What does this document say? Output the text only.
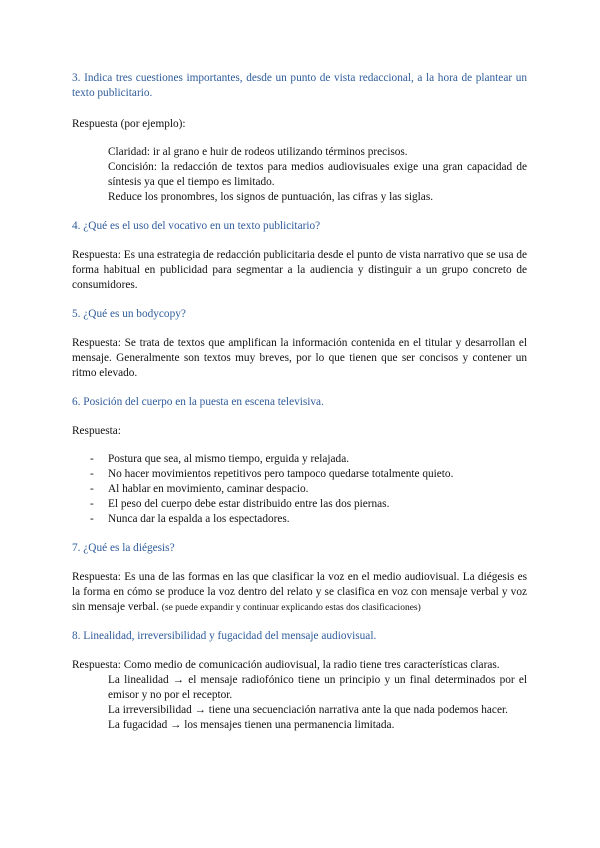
3. Indica tres cuestiones importantes, desde un punto de vista redaccional, a la hora de plantear un texto publicitario.
Respuesta (por ejemplo):
Claridad: ir al grano e huir de rodeos utilizando términos precisos.
Concisión: la redacción de textos para medios audiovisuales exige una gran capacidad de síntesis ya que el tiempo es limitado.
Reduce los pronombres, los signos de puntuación, las cifras y las siglas.
4. ¿Qué es el uso del vocativo en un texto publicitario?
Respuesta: Es una estrategia de redacción publicitaria desde el punto de vista narrativo que se usa de forma habitual en publicidad para segmentar a la audiencia y distinguir a un grupo concreto de consumidores.
5. ¿Qué es un bodycopy?
Respuesta: Se trata de textos que amplifican la información contenida en el titular y desarrollan el mensaje. Generalmente son textos muy breves, por lo que tienen que ser concisos y contener un ritmo elevado.
6. Posición del cuerpo en la puesta en escena televisiva.
Respuesta:
- Postura que sea, al mismo tiempo, erguida y relajada.
- No hacer movimientos repetitivos pero tampoco quedarse totalmente quieto.
- Al hablar en movimiento, caminar despacio.
- El peso del cuerpo debe estar distribuido entre las dos piernas.
- Nunca dar la espalda a los espectadores.
7. ¿Qué es la diégesis?
Respuesta: Es una de las formas en las que clasificar la voz en el medio audiovisual. La diégesis es la forma en cómo se produce la voz dentro del relato y se clasifica en voz con mensaje verbal y voz sin mensaje verbal. (se puede expandir y continuar explicando estas dos clasificaciones)
8. Linealidad, irreversibilidad y fugacidad del mensaje audiovisual.
Respuesta: Como medio de comunicación audiovisual, la radio tiene tres características claras.
La linealidad → el mensaje radiofónico tiene un principio y un final determinados por el emisor y no por el receptor.
La irreversibilidad → tiene una secuenciación narrativa ante la que nada podemos hacer.
La fugacidad → los mensajes tienen una permanencia limitada.
